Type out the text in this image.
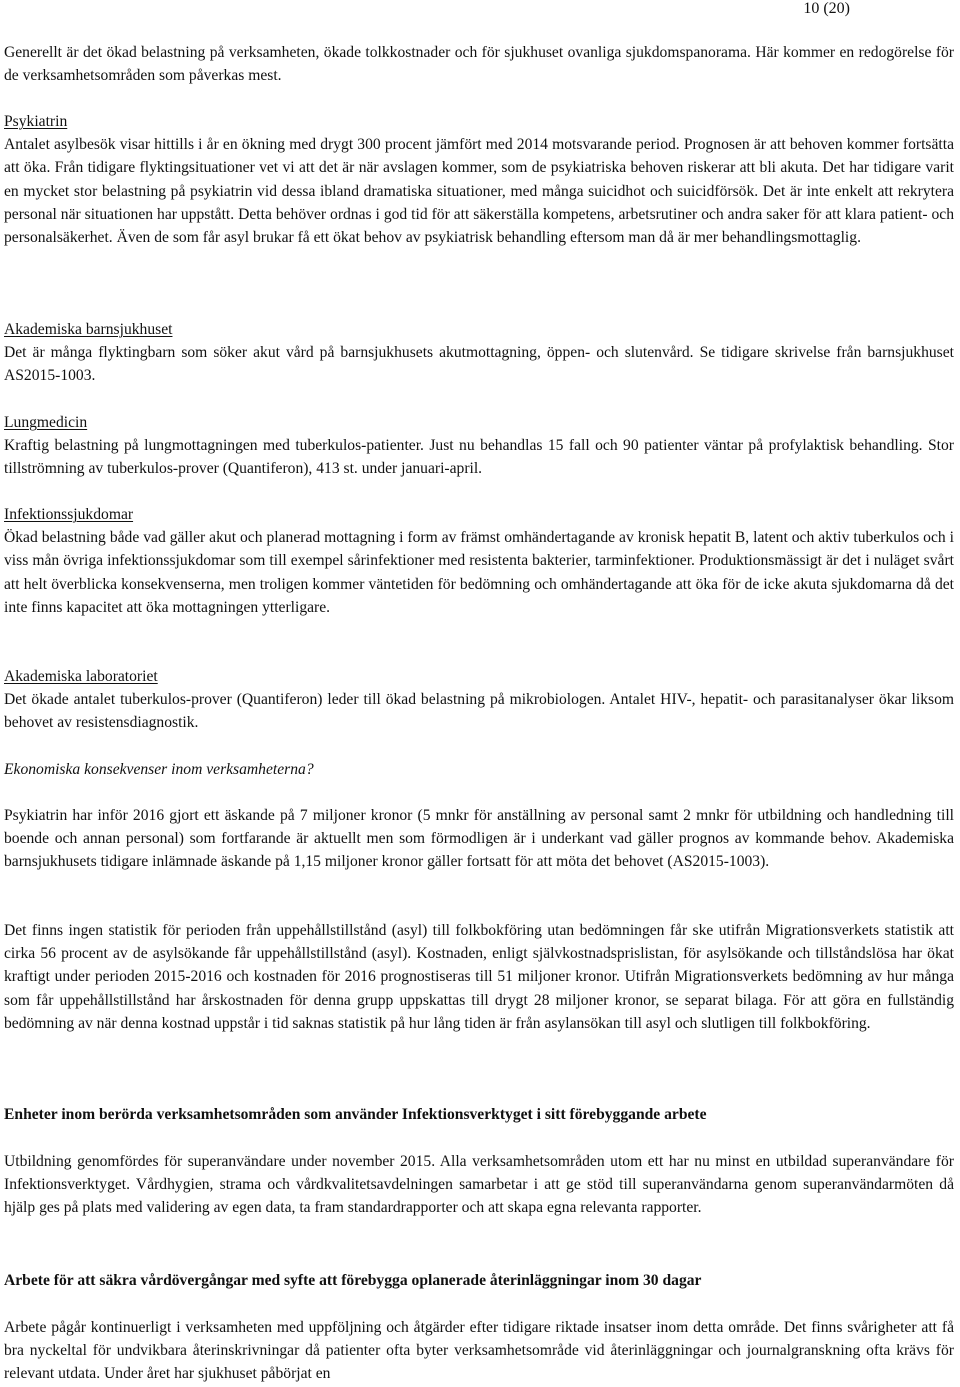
10 (20)

Generellt är det ökad belastning på verksamheten, ökade tolkkostnader och för sjukhuset ovanliga sjukdomspanorama. Här kommer en redogörelse för de verksamhetsområden som påverkas mest.

Psykiatrin

Antalet asylbesök visar hittills i år en ökning med drygt 300 procent jämfört med 2014 motsvarande period. Prognosen är att behoven kommer fortsätta att öka. Från tidigare flyktingsituationer vet vi att det är när avslagen kommer, som de psykiatriska behoven riskerar att bli akuta. Det har tidigare varit en mycket stor belastning på psykiatrin vid dessa ibland dramatiska situationer, med många suicidhot och suicidförsök. Det är inte enkelt att rekrytera personal när situationen har uppstått. Detta behöver ordnas i god tid för att säkerställa kompetens, arbetsrutiner och andra saker för att klara patient- och personalsäkerhet. Även de som får asyl brukar få ett ökat behov av psykiatrisk behandling eftersom man då är mer behandlingsmottaglig.

Akademiska barnsjukhuset

Det är många flyktingbarn som söker akut vård på barnsjukhusets akutmottagning, öppen- och slutenvård. Se tidigare skrivelse från barnsjukhuset AS2015-1003.

Lungmedicin

Kraftig belastning på lungmottagningen med tuberkulos-patienter. Just nu behandlas 15 fall och 90 patienter väntar på profylaktisk behandling. Stor tillströmning av tuberkulos-prover (Quantiferon), 413 st. under januari-april.

Infektionssjukdomar

Ökad belastning både vad gäller akut och planerad mottagning i form av främst omhändertagande av kronisk hepatit B, latent och aktiv tuberkulos och i viss mån övriga infektionssjukdomar som till exempel sårinfektioner med resistenta bakterier, tarminfektioner. Produktionsmässigt är det i nuläget svårt att helt överblicka konsekvenserna, men troligen kommer väntetiden för bedömning och omhändertagande att öka för de icke akuta sjukdomarna då det inte finns kapacitet att öka mottagningen ytterligare.

Akademiska laboratoriet

Det ökade antalet tuberkulos-prover (Quantiferon) leder till ökad belastning på mikrobiologen. Antalet HIV-, hepatit- och parasitanalyser ökar liksom behovet av resistensdiagnostik.

Ekonomiska konsekvenser inom verksamheterna?

Psykiatrin har inför 2016 gjort ett äskande på 7 miljoner kronor (5 mnkr för anställning av personal samt 2 mnkr för utbildning och handledning till boende och annan personal) som fortfarande är aktuellt men som förmodligen är i underkant vad gäller prognos av kommande behov. Akademiska barnsjukhusets tidigare inlämnade äskande på 1,15 miljoner kronor gäller fortsatt för att möta det behovet (AS2015-1003).

Det finns ingen statistik för perioden från uppehållstillstånd (asyl) till folkbokföring utan bedömningen får ske utifrån Migrationsverkets statistik att cirka 56 procent av de asylsökande får uppehållstillstånd (asyl). Kostnaden, enligt självkostnadsprislistan, för asylsökande och tillståndslösa har ökat kraftigt under perioden 2015-2016 och kostnaden för 2016 prognostiseras till 51 miljoner kronor. Utifrån Migrationsverkets bedömning av hur många som får uppehållstillstånd har årskostnaden för denna grupp uppskattas till drygt 28 miljoner kronor, se separat bilaga. För att göra en fullständig bedömning av när denna kostnad uppstår i tid saknas statistik på hur lång tiden är från asylansökan till asyl och slutligen till folkbokföring.

Enheter inom berörda verksamhetsområden som använder Infektionsverktyget i sitt förebyggande arbete

Utbildning genomfördes för superanvändare under november 2015. Alla verksamhetsområden utom ett har nu minst en utbildad superanvändare för Infektionsverktyget. Vårdhygien, strama och vårdkvalitetsavdelningen samarbetar i att ge stöd till superanvändarna genom superanvändarmöten då hjälp ges på plats med validering av egen data, ta fram standardrapporter och att skapa egna relevanta rapporter.

Arbete för att säkra vårdövergångar med syfte att förebygga oplanerade återinläggningar inom 30 dagar

Arbete pågår kontinuerligt i verksamheten med uppföljning och åtgärder efter tidigare riktade insatser inom detta område. Det finns svårigheter att få bra nyckeltal för undvikbara återinskrivningar då patienter ofta byter verksamhetsområde vid återinläggningar och journalgranskning ofta krävs för relevant utdata. Under året har sjukhuset påbörjat en
